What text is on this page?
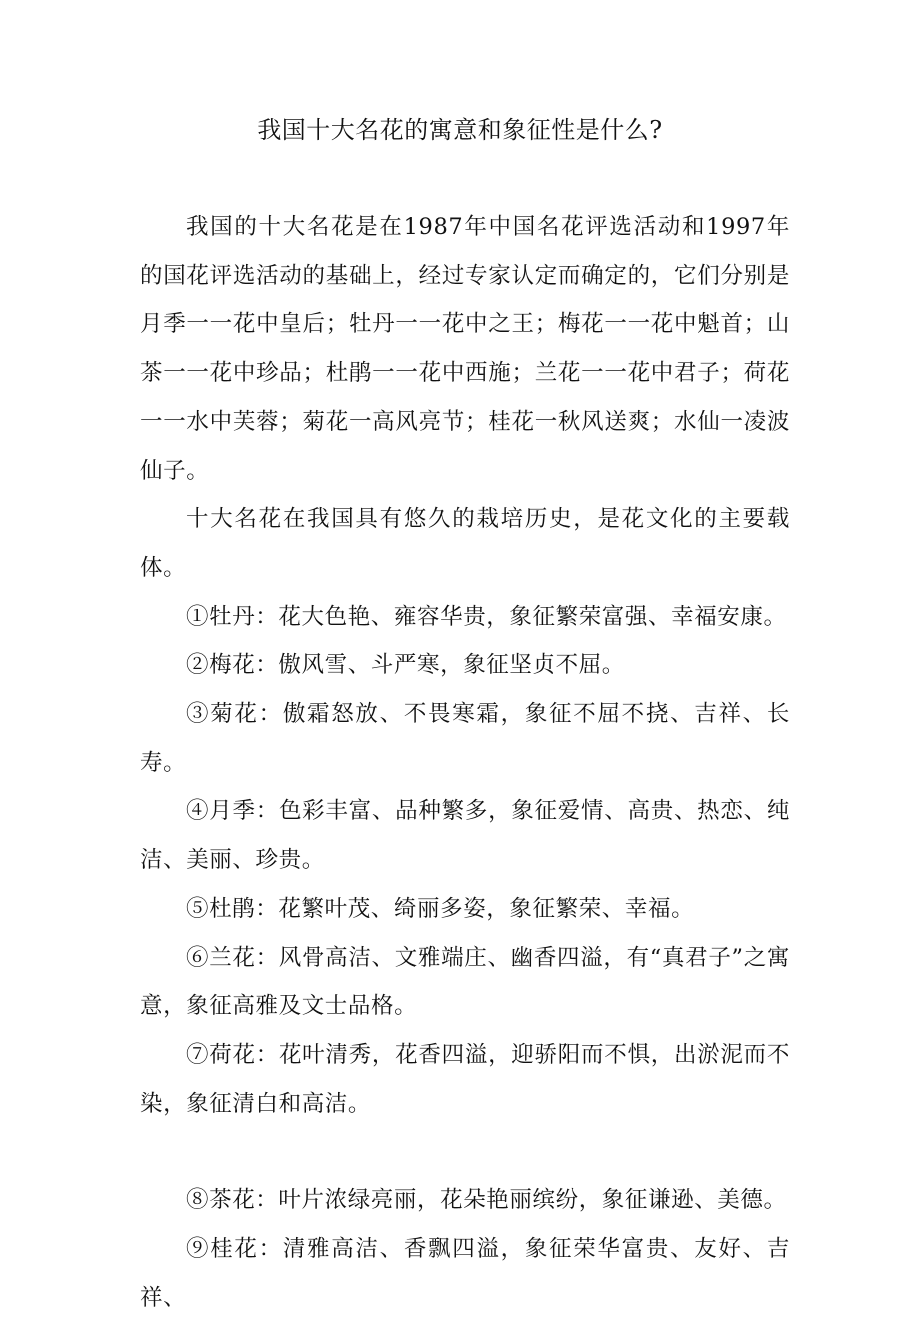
我国十大名花的寓意和象征性是什么?

我国的十大名花是在1987年中国名花评选活动和1997年的国花评选活动的基础上，经过专家认定而确定的，它们分别是月季一一花中皇后；牡丹一一花中之王；梅花一一花中魁首；山茶一一花中珍品；杜鹃一一花中西施；兰花一一花中君子；荷花一一水中芙蓉；菊花一高风亮节；桂花一秋风送爽；水仙一凌波仙子。

十大名花在我国具有悠久的栽培历史，是花文化的主要载体。

①牡丹：花大色艳、雍容华贵，象征繁荣富强、幸福安康。

②梅花：傲风雪、斗严寒，象征坚贞不屈。

③菊花：傲霜怒放、不畏寒霜，象征不屈不挠、吉祥、长寿。

④月季：色彩丰富、品种繁多，象征爱情、高贵、热恋、纯洁、美丽、珍贵。

⑤杜鹃：花繁叶茂、绮丽多姿，象征繁荣、幸福。

⑥兰花：风骨高洁、文雅端庄、幽香四溢，有“真君子”之寓意，象征高雅及文士品格。

⑦荷花：花叶清秀，花香四溢，迎骄阳而不惧，出淤泥而不染，象征清白和高洁。

⑧茶花：叶片浓绿亮丽，花朵艳丽缤纷，象征谦逊、美德。

⑨桂花：清雅高洁、香飘四溢，象征荣华富贵、友好、吉祥、
